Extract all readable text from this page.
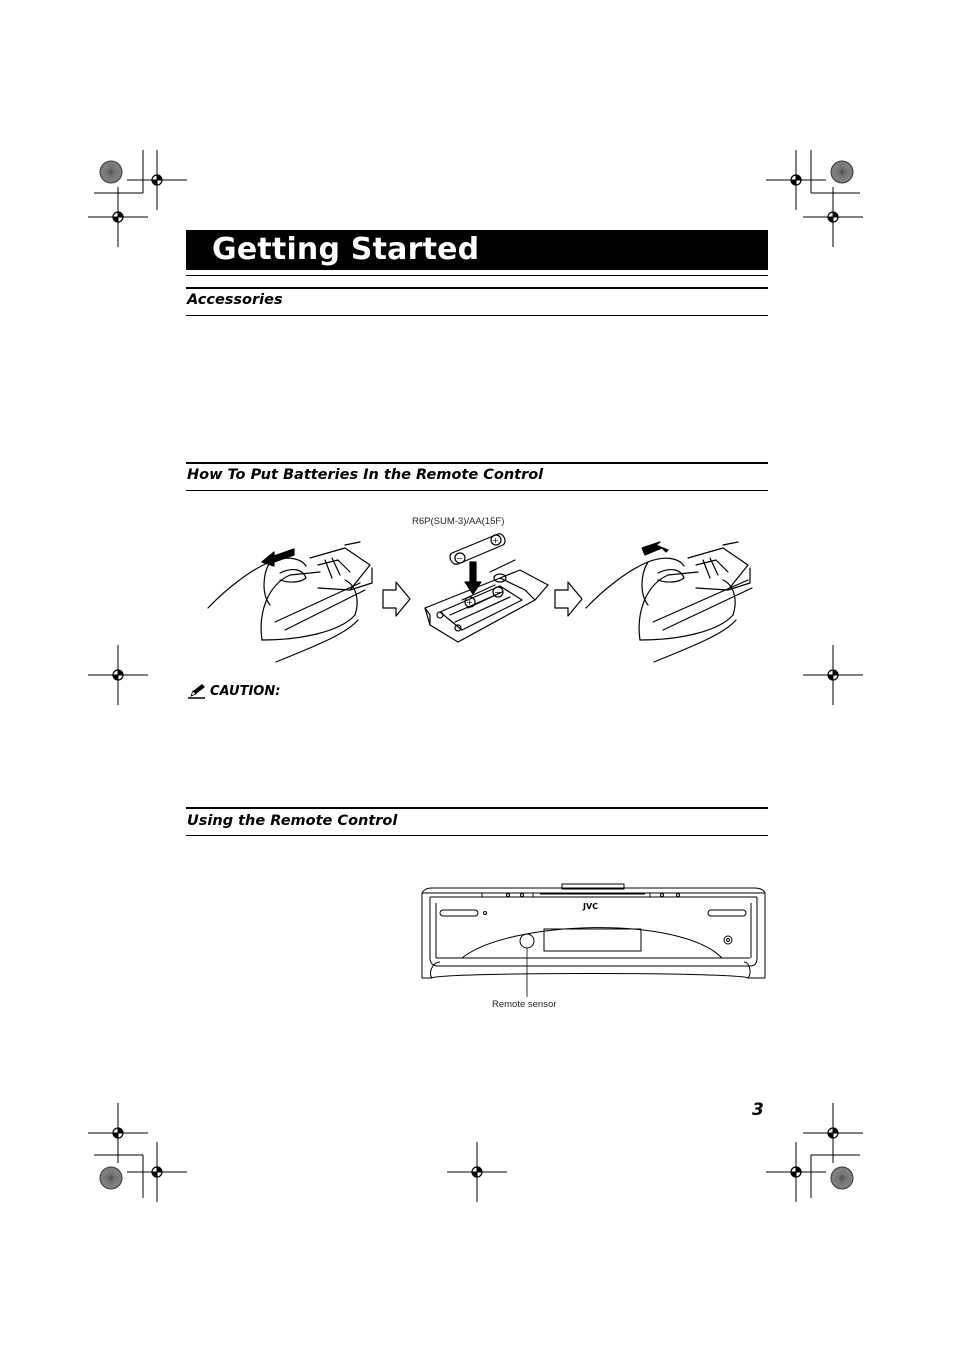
Getting Started
Accessories
How To Put Batteries In the Remote Control
R6P(SUM-3)/AA(15F)
+
−
−
+
CAUTION:
Using the Remote Control
JVC
Remote sensor
3
